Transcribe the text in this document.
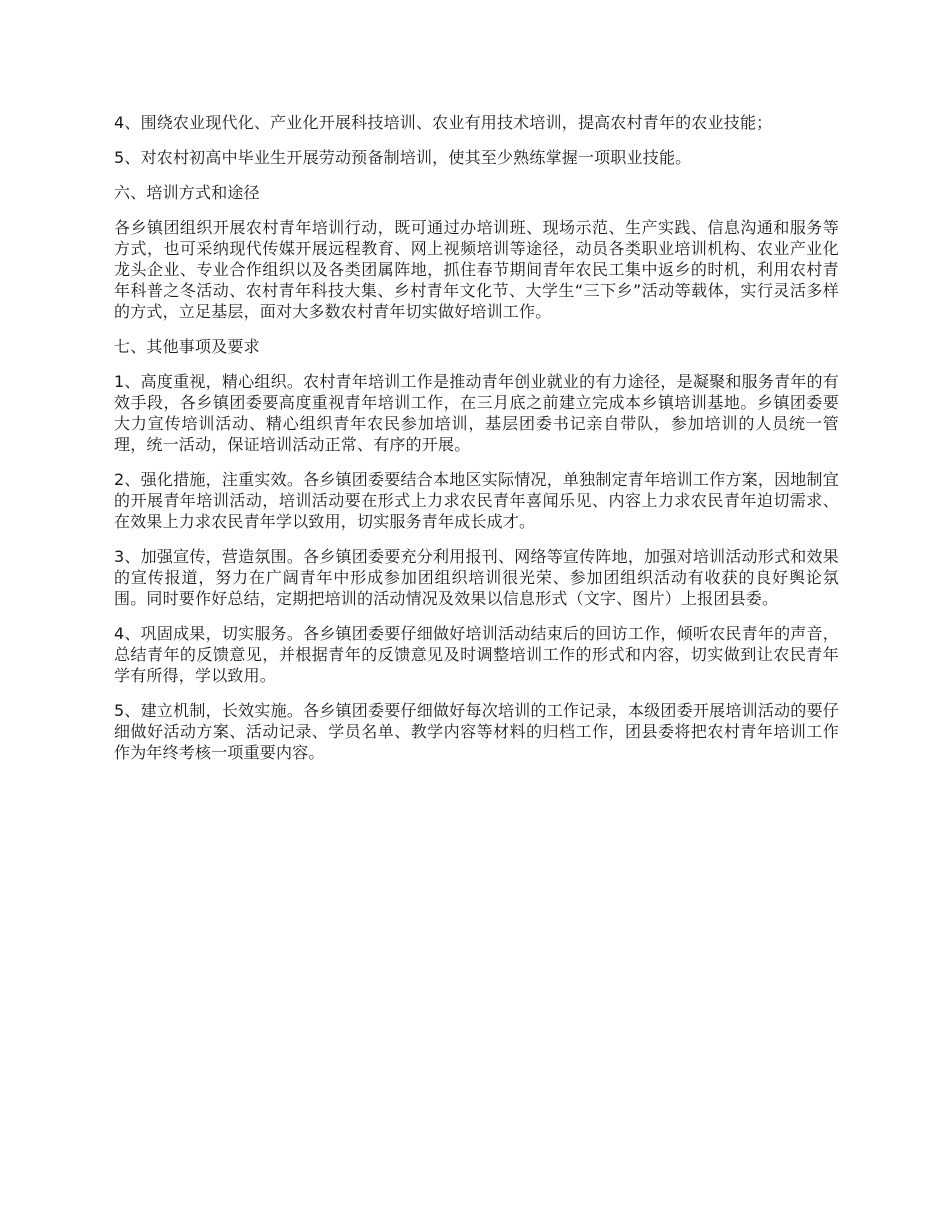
4、围绕农业现代化、产业化开展科技培训、农业有用技术培训，提高农村青年的农业技能；

5、对农村初高中毕业生开展劳动预备制培训，使其至少熟练掌握一项职业技能。

六、培训方式和途径

各乡镇团组织开展农村青年培训行动，既可通过办培训班、现场示范、生产实践、信息沟通和服务等方式，也可采纳现代传媒开展远程教育、网上视频培训等途径，动员各类职业培训机构、农业产业化龙头企业、专业合作组织以及各类团属阵地，抓住春节期间青年农民工集中返乡的时机，利用农村青年科普之冬活动、农村青年科技大集、乡村青年文化节、大学生“三下乡”活动等载体，实行灵活多样的方式，立足基层，面对大多数农村青年切实做好培训工作。

七、其他事项及要求

1、高度重视，精心组织。农村青年培训工作是推动青年创业就业的有力途径，是凝聚和服务青年的有效手段，各乡镇团委要高度重视青年培训工作，在三月底之前建立完成本乡镇培训基地。乡镇团委要大力宣传培训活动、精心组织青年农民参加培训，基层团委书记亲自带队，参加培训的人员统一管理，统一活动，保证培训活动正常、有序的开展。

2、强化措施，注重实效。各乡镇团委要结合本地区实际情况，单独制定青年培训工作方案，因地制宜的开展青年培训活动，培训活动要在形式上力求农民青年喜闻乐见、内容上力求农民青年迫切需求、在效果上力求农民青年学以致用，切实服务青年成长成才。

3、加强宣传，营造氛围。各乡镇团委要充分利用报刊、网络等宣传阵地，加强对培训活动形式和效果的宣传报道，努力在广阔青年中形成参加团组织培训很光荣、参加团组织活动有收获的良好舆论氛围。同时要作好总结，定期把培训的活动情况及效果以信息形式（文字、图片）上报团县委。

4、巩固成果，切实服务。各乡镇团委要仔细做好培训活动结束后的回访工作，倾听农民青年的声音，总结青年的反馈意见，并根据青年的反馈意见及时调整培训工作的形式和内容，切实做到让农民青年学有所得，学以致用。

5、建立机制，长效实施。各乡镇团委要仔细做好每次培训的工作记录，本级团委开展培训活动的要仔细做好活动方案、活动记录、学员名单、教学内容等材料的归档工作，团县委将把农村青年培训工作作为年终考核一项重要内容。
